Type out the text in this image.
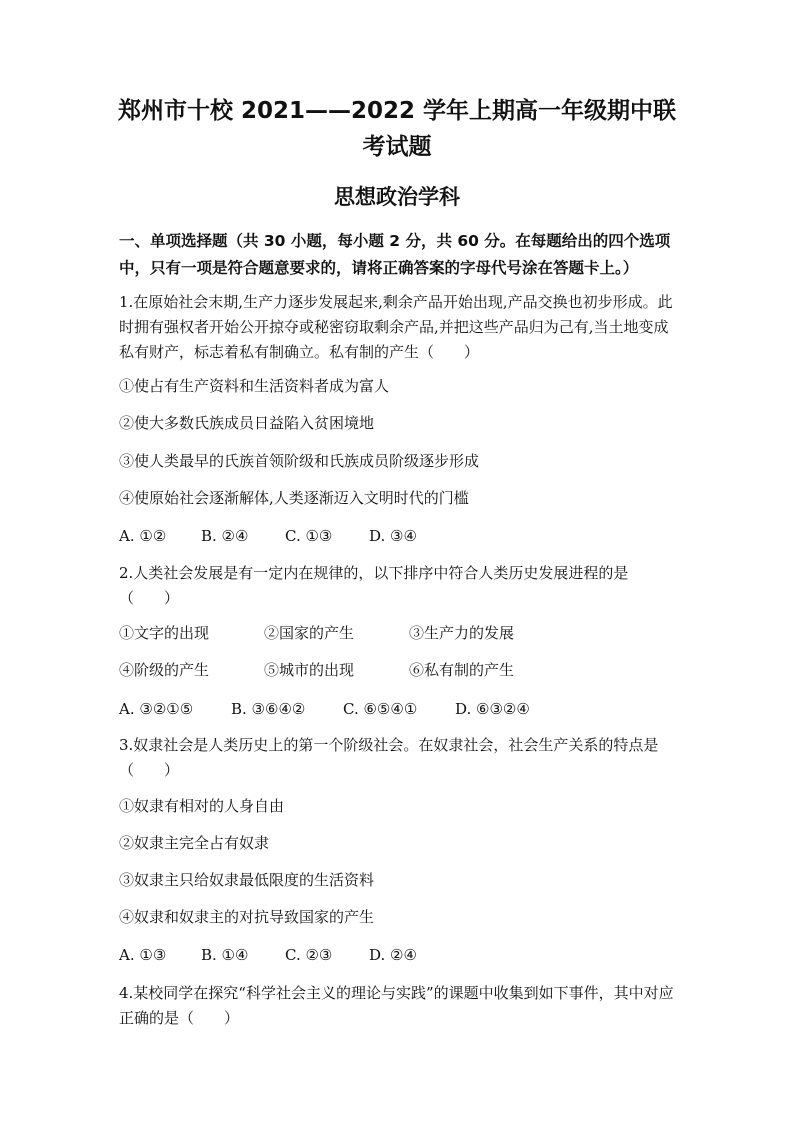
郑州市十校 2021——2022 学年上期高一年级期中联
考试题
思想政治学科
一、单项选择题（共 30 小题，每小题 2 分，共 60 分。在每题给出的四个选项中，只有一项是符合题意要求的，请将正确答案的字母代号涂在答题卡上。）
1.在原始社会末期,生产力逐步发展起来,剩余产品开始出现,产品交换也初步形成。此时拥有强权者开始公开掠夺或秘密窃取剩余产品,并把这些产品归为己有,当土地变成私有财产，标志着私有制确立。私有制的产生（　　）
①使占有生产资料和生活资料者成为富人
②使大多数氏族成员日益陷入贫困境地
③使人类最早的氏族首领阶级和氏族成员阶级逐步形成
④使原始社会逐渐解体,人类逐渐迈入文明时代的门槛
A. ①② B. ②④ C. ①③ D. ③④
2.人类社会发展是有一定内在规律的，以下排序中符合人类历史发展进程的是（　　）
①文字的出现	②国家的产生	③生产力的发展
④阶级的产生	⑤城市的出现	⑥私有制的产生
A. ③②①⑤	B. ③⑥④②	C. ⑥⑤④①	D. ⑥③②④
3.奴隶社会是人类历史上的第一个阶级社会。在奴隶社会，社会生产关系的特点是（　　）
①奴隶有相对的人身自由
②奴隶主完全占有奴隶
③奴隶主只给奴隶最低限度的生活资料
④奴隶和奴隶主的对抗导致国家的产生
A. ①③ B. ①④ C. ②③ D. ②④
4.某校同学在探究“科学社会主义的理论与实践”的课题中收集到如下事件，其中对应正确的是（　　）
